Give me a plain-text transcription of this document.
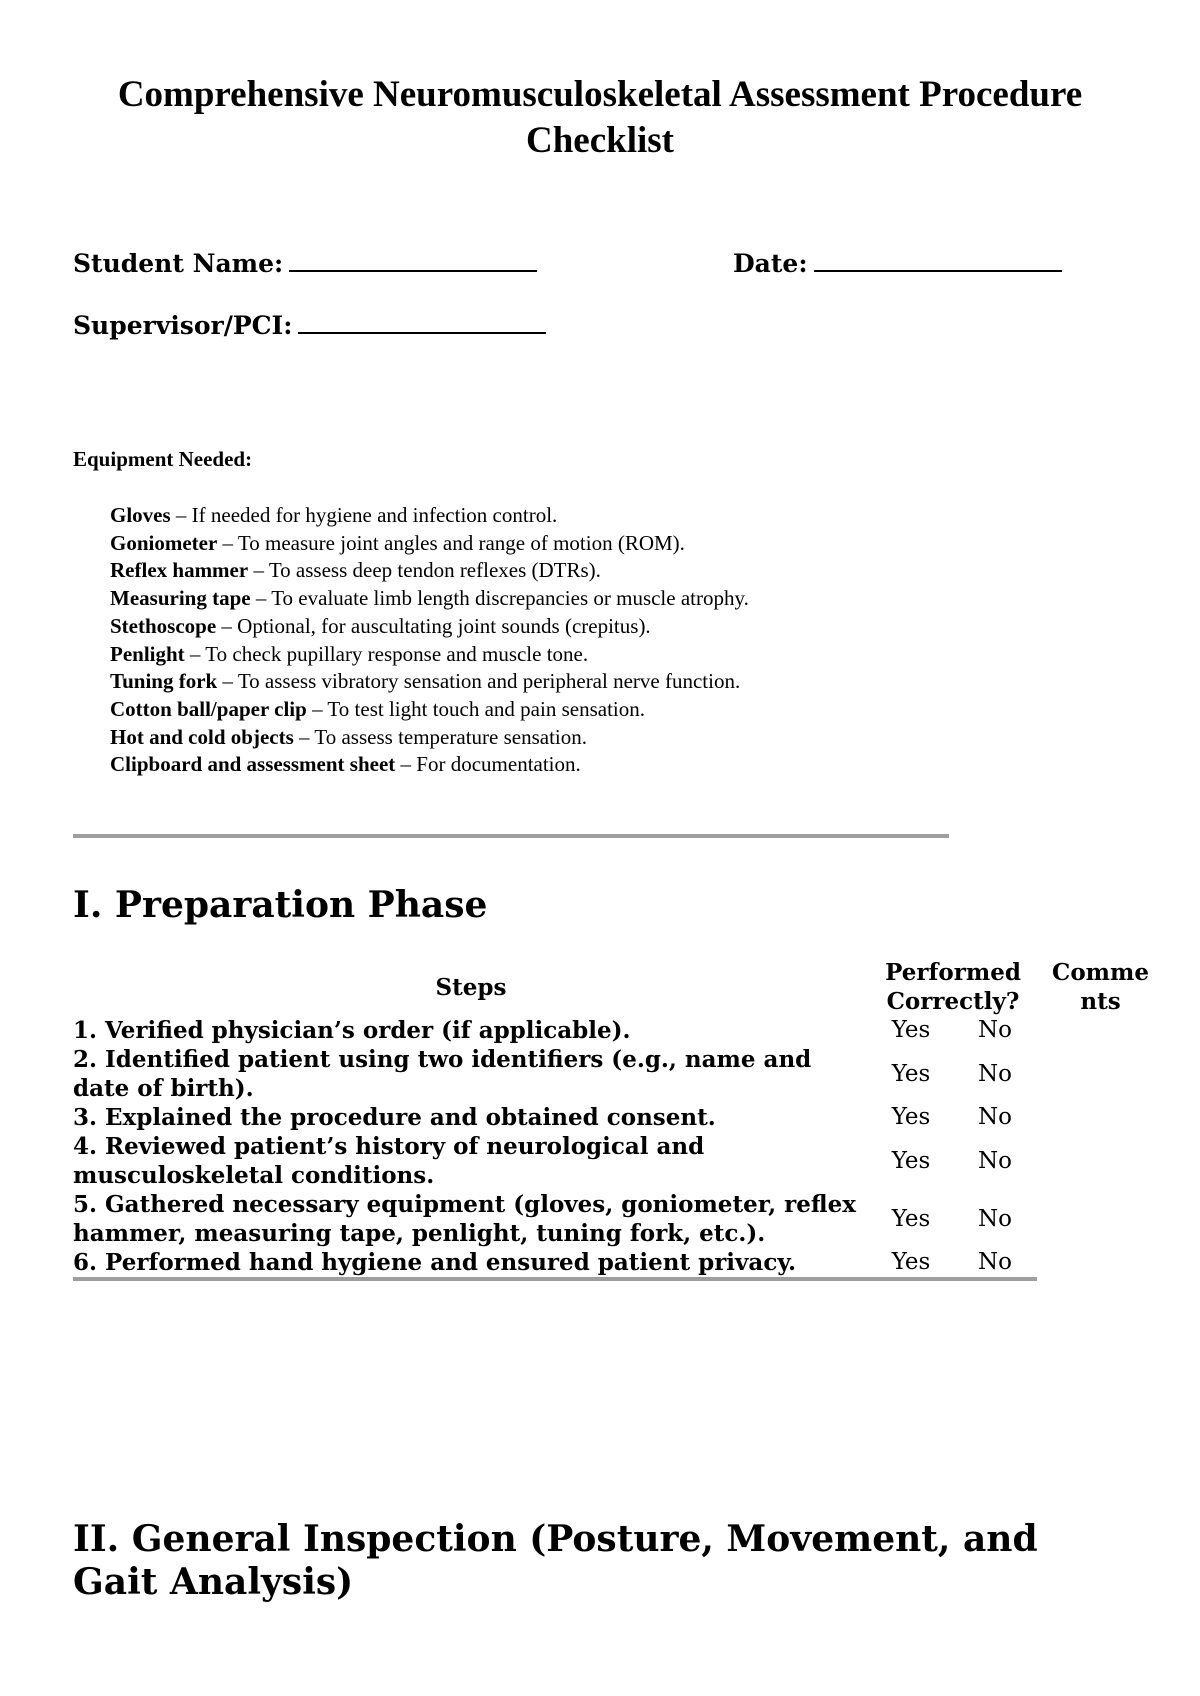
Comprehensive Neuromusculoskeletal Assessment Procedure Checklist
Student Name:	Date:
Supervisor/PCI:
Equipment Needed:
Gloves – If needed for hygiene and infection control.
Goniometer – To measure joint angles and range of motion (ROM).
Reflex hammer – To assess deep tendon reflexes (DTRs).
Measuring tape – To evaluate limb length discrepancies or muscle atrophy.
Stethoscope – Optional, for auscultating joint sounds (crepitus).
Penlight – To check pupillary response and muscle tone.
Tuning fork – To assess vibratory sensation and peripheral nerve function.
Cotton ball/paper clip – To test light touch and pain sensation.
Hot and cold objects – To assess temperature sensation.
Clipboard and assessment sheet – For documentation.
I. Preparation Phase
Steps	Performed Correctly?		Comme nts
1. Verified physician’s order (if applicable).	Yes	No	
2. Identified patient using two identifiers (e.g., name and date of birth).	Yes	No	
3. Explained the procedure and obtained consent.	Yes	No	
4. Reviewed patient’s history of neurological and musculoskeletal conditions.	Yes	No	
5. Gathered necessary equipment (gloves, goniometer, reflex hammer, measuring tape, penlight, tuning fork, etc.).	Yes	No	
6. Performed hand hygiene and ensured patient privacy.	Yes	No	
II. General Inspection (Posture, Movement, and Gait Analysis)
